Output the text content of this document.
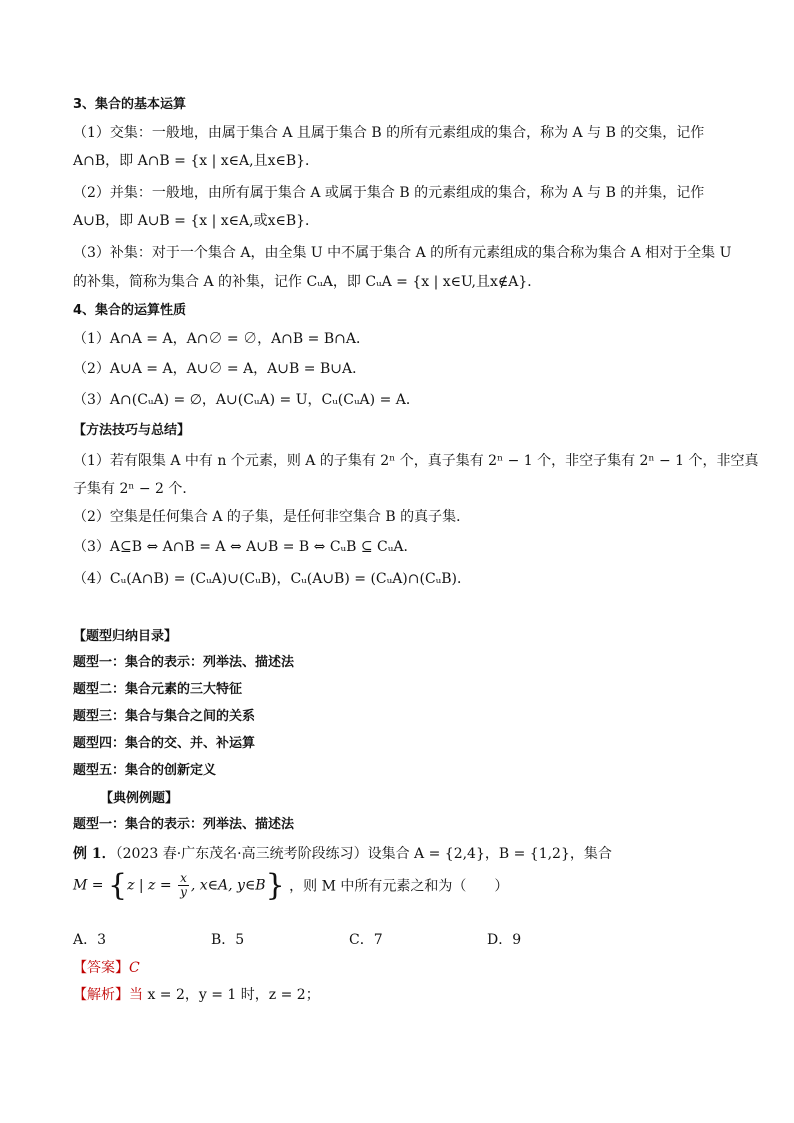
3、集合的基本运算
（1）交集：一般地，由属于集合 A 且属于集合 B 的所有元素组成的集合，称为 A 与 B 的交集，记作
A∩B，即 A∩B = {x | x∈A,且x∈B}．
（2）并集：一般地，由所有属于集合 A 或属于集合 B 的元素组成的集合，称为 A 与 B 的并集，记作
A∪B，即 A∪B = {x | x∈A,或x∈B}．
（3）补集：对于一个集合 A，由全集 U 中不属于集合 A 的所有元素组成的集合称为集合 A 相对于全集 U
的补集，简称为集合 A 的补集，记作 CᵤA，即 CᵤA = {x | x∈U,且x∉A}．
4、集合的运算性质
（1）A∩A = A，A∩∅ = ∅，A∩B = B∩A．
（2）A∪A = A，A∪∅ = A，A∪B = B∪A．
（3）A∩(CᵤA) = ∅，A∪(CᵤA) = U，Cᵤ(CᵤA) = A．
【方法技巧与总结】
（1）若有限集 A 中有 n 个元素，则 A 的子集有 2ⁿ 个，真子集有 2ⁿ − 1 个，非空子集有 2ⁿ − 1 个，非空真
子集有 2ⁿ − 2 个．
（2）空集是任何集合 A 的子集，是任何非空集合 B 的真子集．
（3）A⊆B ⇔ A∩B = A ⇔ A∪B = B ⇔ CᵤB ⊆ CᵤA．
（4）Cᵤ(A∩B) = (CᵤA)∪(CᵤB)，Cᵤ(A∪B) = (CᵤA)∩(CᵤB)．
【题型归纳目录】
题型一：集合的表示：列举法、描述法
题型二：集合元素的三大特征
题型三：集合与集合之间的关系
题型四：集合的交、并、补运算
题型五：集合的创新定义
【典例例题】
题型一：集合的表示：列举法、描述法
例 1．（2023 春·广东茂名·高三统考阶段练习）设集合 A = {2,4}，B = {1,2}，集合
M = {z | $z = \frac{x}{y}$ , x∈A, y∈B} ，则 M 中所有元素之和为（　　）
A．3	B．5	C．7	D．9
【答案】C
【解析】当 x = 2，y = 1 时，z = 2；
